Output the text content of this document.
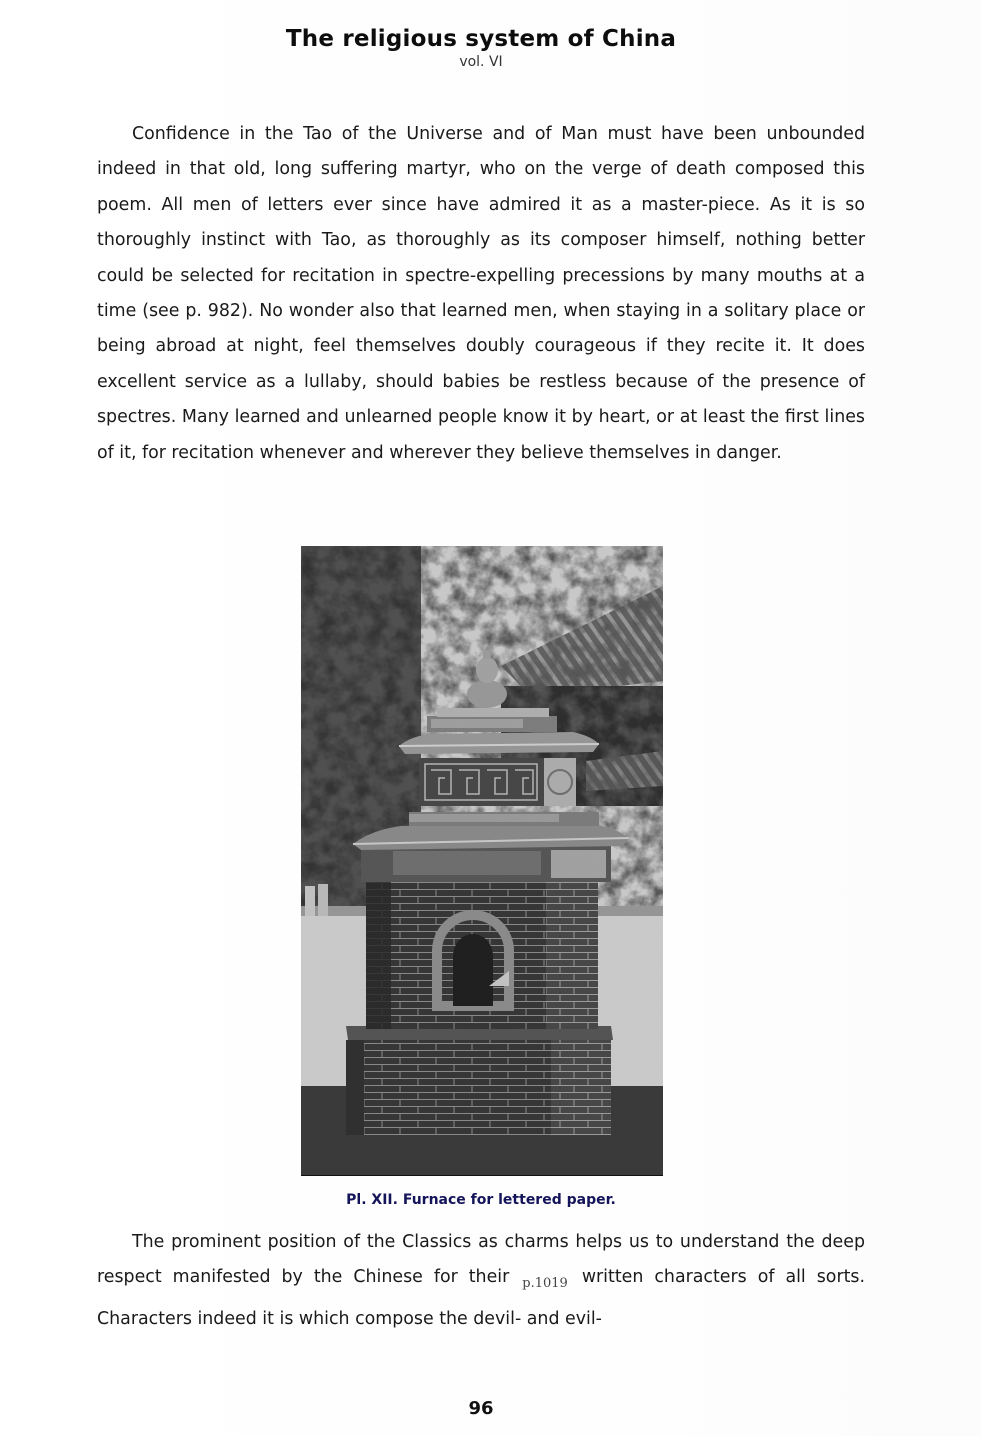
The religious system of China
vol. VI

Confidence in the Tao of the Universe and of Man must have been unbounded indeed in that old, long suffering martyr, who on the verge of death composed this poem. All men of letters ever since have admired it as a master-piece. As it is so thoroughly instinct with Tao, as thoroughly as its composer himself, nothing better could be selected for recitation in spectre-expelling precessions by many mouths at a time (see p. 982). No wonder also that learned men, when staying in a solitary place or being abroad at night, feel themselves doubly courageous if they recite it. It does excellent service as a lullaby, should babies be restless because of the presence of spectres. Many learned and unlearned people know it by heart, or at least the first lines of it, for recitation whenever and wherever they believe themselves in danger.

Pl. XII. Furnace for lettered paper.

The prominent position of the Classics as charms helps us to understand the deep respect manifested by the Chinese for their $_{p.1019}$ written characters of all sorts. Characters indeed it is which compose the devil- and evil-

96
